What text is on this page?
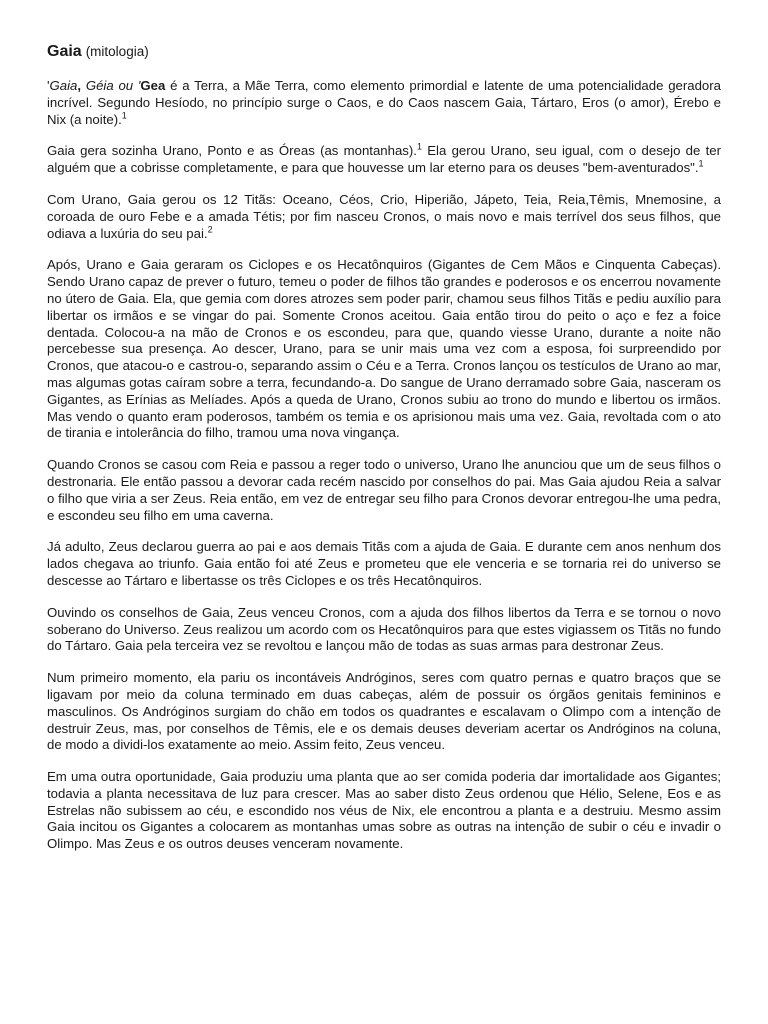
Gaia (mitologia)

'Gaia, Géia ou 'Gea é a Terra, a Mãe Terra, como elemento primordial e latente de uma potencialidade geradora incrível. Segundo Hesíodo, no princípio surge o Caos, e do Caos nascem Gaia, Tártaro, Eros (o amor), Érebo e Nix (a noite).$^1$

Gaia gera sozinha Urano, Ponto e as Óreas (as montanhas).$^1$ Ela gerou Urano, seu igual, com o desejo de ter alguém que a cobrisse completamente, e para que houvesse um lar eterno para os deuses "bem-aventurados".$^1$

Com Urano, Gaia gerou os 12 Titãs: Oceano, Céos, Crio, Hiperião, Jápeto, Teia, Reia,Têmis, Mnemosine, a coroada de ouro Febe e a amada Tétis; por fim nasceu Cronos, o mais novo e mais terrível dos seus filhos, que odiava a luxúria do seu pai.$^2$

Após, Urano e Gaia geraram os Ciclopes e os Hecatônquiros (Gigantes de Cem Mãos e Cinquenta Cabeças). Sendo Urano capaz de prever o futuro, temeu o poder de filhos tão grandes e poderosos e os encerrou novamente no útero de Gaia. Ela, que gemia com dores atrozes sem poder parir, chamou seus filhos Titãs e pediu auxílio para libertar os irmãos e se vingar do pai. Somente Cronos aceitou. Gaia então tirou do peito o aço e fez a foice dentada. Colocou-a na mão de Cronos e os escondeu, para que, quando viesse Urano, durante a noite não percebesse sua presença. Ao descer, Urano, para se unir mais uma vez com a esposa, foi surpreendido por Cronos, que atacou-o e castrou-o, separando assim o Céu e a Terra. Cronos lançou os testículos de Urano ao mar, mas algumas gotas caíram sobre a terra, fecundando-a. Do sangue de Urano derramado sobre Gaia, nasceram os Gigantes, as Erínias as Melíades. Após a queda de Urano, Cronos subiu ao trono do mundo e libertou os irmãos. Mas vendo o quanto eram poderosos, também os temia e os aprisionou mais uma vez. Gaia, revoltada com o ato de tirania e intolerância do filho, tramou uma nova vingança.

Quando Cronos se casou com Reia e passou a reger todo o universo, Urano lhe anunciou que um de seus filhos o destronaria. Ele então passou a devorar cada recém nascido por conselhos do pai. Mas Gaia ajudou Reia a salvar o filho que viria a ser Zeus. Reia então, em vez de entregar seu filho para Cronos devorar entregou-lhe uma pedra, e escondeu seu filho em uma caverna.

Já adulto, Zeus declarou guerra ao pai e aos demais Titãs com a ajuda de Gaia. E durante cem anos nenhum dos lados chegava ao triunfo. Gaia então foi até Zeus e prometeu que ele venceria e se tornaria rei do universo se descesse ao Tártaro e libertasse os três Ciclopes e os três Hecatônquiros.

Ouvindo os conselhos de Gaia, Zeus venceu Cronos, com a ajuda dos filhos libertos da Terra e se tornou o novo soberano do Universo. Zeus realizou um acordo com os Hecatônquiros para que estes vigiassem os Titãs no fundo do Tártaro. Gaia pela terceira vez se revoltou e lançou mão de todas as suas armas para destronar Zeus.

Num primeiro momento, ela pariu os incontáveis Andróginos, seres com quatro pernas e quatro braços que se ligavam por meio da coluna terminado em duas cabeças, além de possuir os órgãos genitais femininos e masculinos. Os Andróginos surgiam do chão em todos os quadrantes e escalavam o Olimpo com a intenção de destruir Zeus, mas, por conselhos de Têmis, ele e os demais deuses deveriam acertar os Andróginos na coluna, de modo a dividi-los exatamente ao meio. Assim feito, Zeus venceu.

Em uma outra oportunidade, Gaia produziu uma planta que ao ser comida poderia dar imortalidade aos Gigantes; todavia a planta necessitava de luz para crescer. Mas ao saber disto Zeus ordenou que Hélio, Selene, Eos e as Estrelas não subissem ao céu, e escondido nos véus de Nix, ele encontrou a planta e a destruiu. Mesmo assim Gaia incitou os Gigantes a colocarem as montanhas umas sobre as outras na intenção de subir o céu e invadir o Olimpo. Mas Zeus e os outros deuses venceram novamente.
